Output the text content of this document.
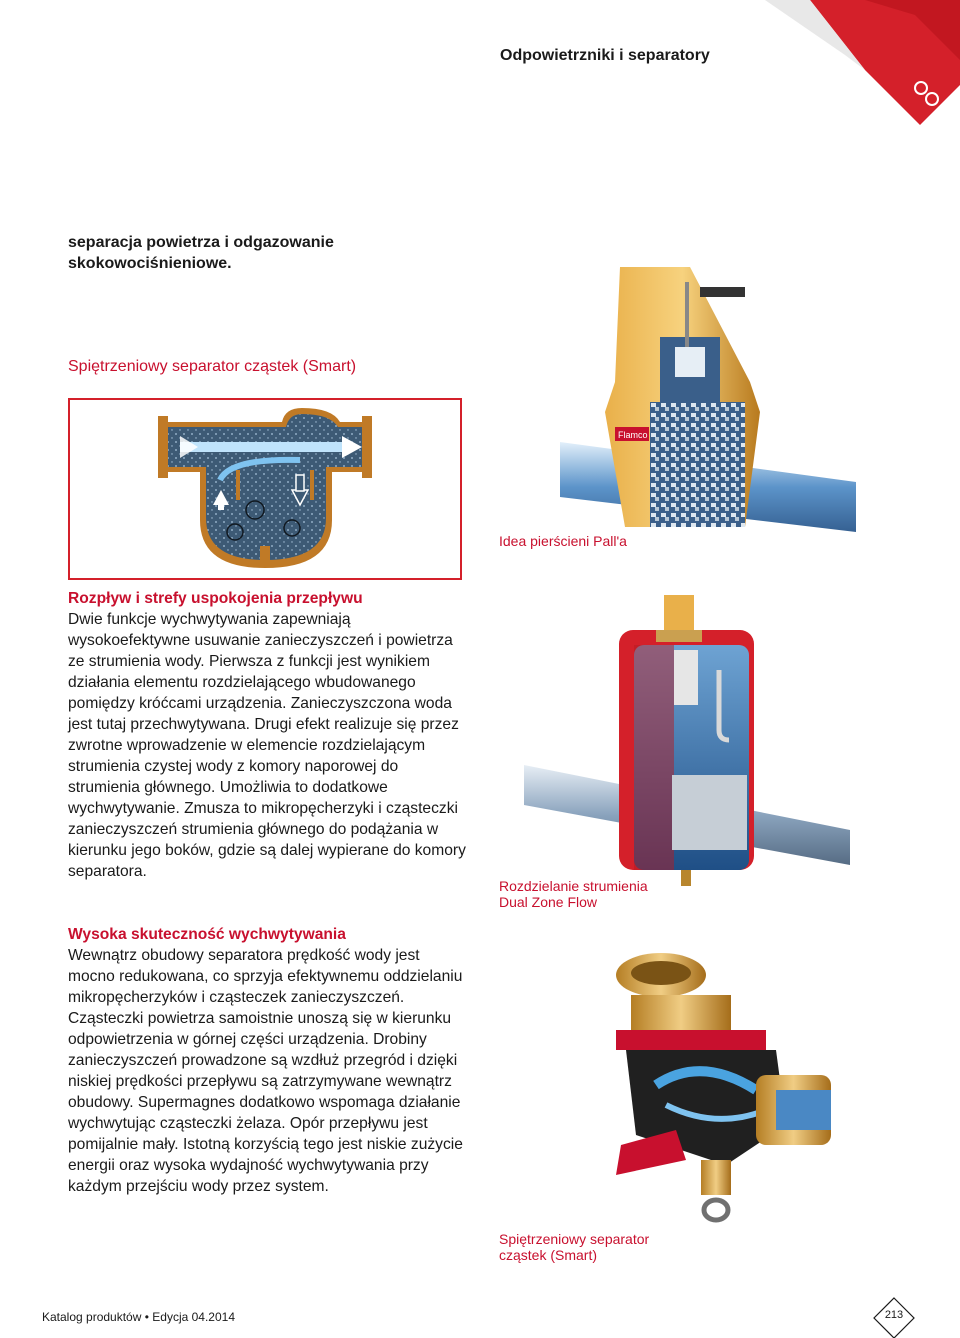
Odpowietrzniki i separatory
separacja powietrza i odgazowanie skokowociśnieniowe.
Spiętrzeniowy separator cząstek (Smart)
Rozpływ i strefy uspokojenia przepływu
Dwie funkcje wychwytywania zapewniają wysokoefektywne usuwanie zanieczyszczeń i powietrza ze strumienia wody. Pierwsza z funkcji jest wynikiem działania elementu rozdzielającego wbudowanego pomiędzy króćcami urządzenia. Zanieczyszczona woda jest tutaj przechwytywana. Drugi efekt realizuje się przez zwrotne wprowadzenie w elemencie rozdzielającym strumienia czystej wody z komory naporowej do strumienia głównego. Umożliwia to dodatkowe wychwytywanie. Zmusza to mikropęcherzyki i cząsteczki zanieczyszczeń strumienia głównego do podążania w kierunku jego boków, gdzie są dalej wypierane do komory separatora.
Wysoka skuteczność wychwytywania
Wewnątrz obudowy separatora prędkość wody jest mocno redukowana, co sprzyja efektywnemu oddzielaniu mikropęcherzyków i cząsteczek zanieczyszczeń. Cząsteczki powietrza samoistnie unoszą się w kierunku odpowietrzenia w górnej części urządzenia. Drobiny zanieczyszczeń prowadzone są wzdłuż przegród i dzięki niskiej prędkości przepływu są zatrzymywane wewnątrz obudowy. Supermagnes dodatkowo wspomaga działanie wychwytując cząsteczki żelaza. Opór przepływu jest pomijalnie mały. Istotną korzyścią tego jest niskie zużycie energii oraz wysoka wydajność wychwytywania przy każdym przejściu wody przez system.
Flamco
Idea pierścieni Pall'a
Rozdzielanie strumienia
Dual Zone Flow
Spiętrzeniowy separator
cząstek (Smart)
Katalog produktów • Edycja 04.2014	213
